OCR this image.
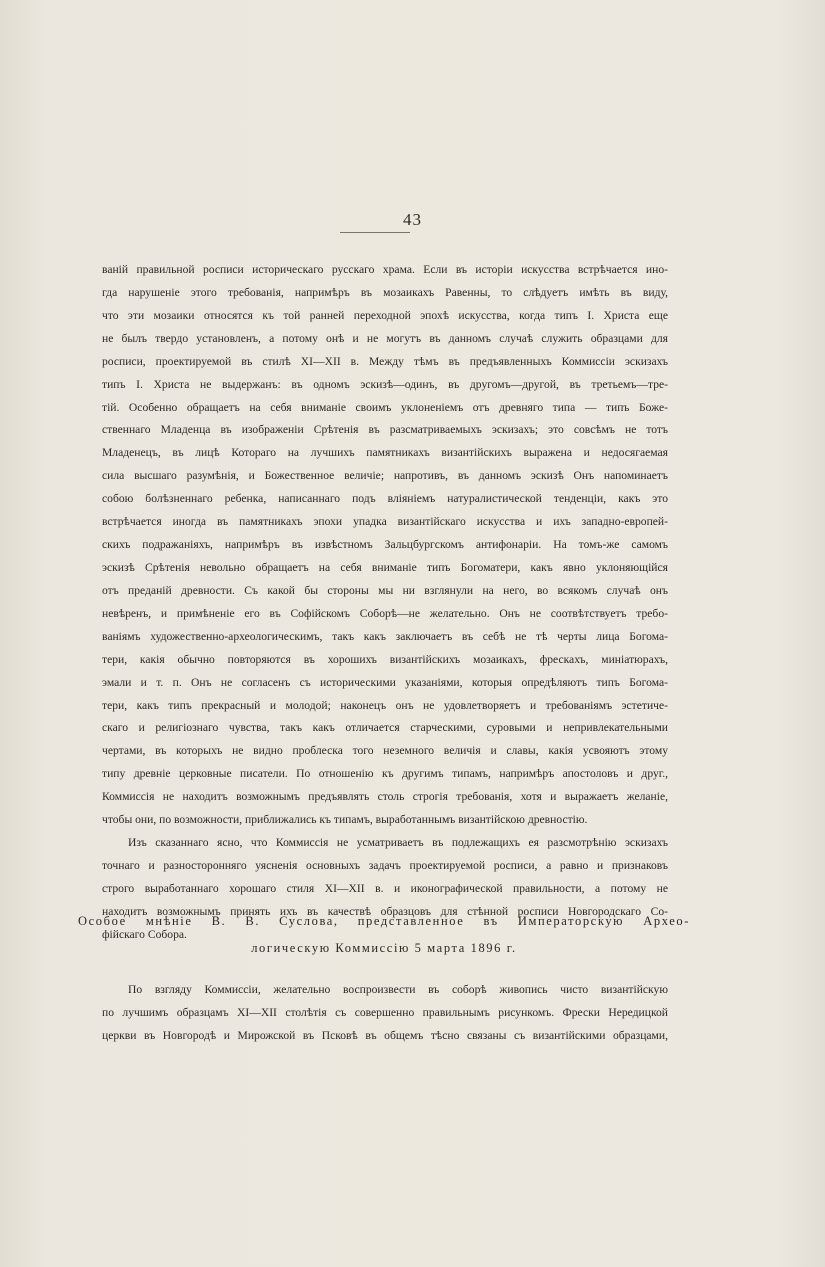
43
ваній правильной росписи историческаго русскаго храма. Если въ исторіи искусства встрѣчается ино-
гда нарушеніе этого требованія, напримѣръ въ мозаикахъ Равенны, то слѣдуетъ имѣть въ виду,
что эти мозаики относятся къ той ранней переходной эпохѣ искусства, когда типъ І. Христа еще
не былъ твердо установленъ, а потому онѣ и не могутъ въ данномъ случаѣ служить образцами для
росписи, проектируемой въ стилѣ ХI—ХII в. Между тѣмъ въ предъявленныхъ Коммиссіи эскизахъ
типъ І. Христа не выдержанъ: въ одномъ эскизѣ—одинъ, въ другомъ—другой, въ третьемъ—тре-
тій. Особенно обращаетъ на себя вниманіе своимъ уклоненіемъ отъ древняго типа — типъ Боже-
ственнаго Младенца въ изображеніи Срѣтенія въ разсматриваемыхъ эскизахъ; это совсѣмъ не тотъ
Младенецъ, въ лицѣ Котораго на лучшихъ памятникахъ византійскихъ выражена и недосягаемая
сила высшаго разумѣнія, и Божественное величіе; напротивъ, въ данномъ эскизѣ Онъ напоминаетъ
собою болѣзненнаго ребенка, написаннаго подъ вліяніемъ натуралистической тенденціи, какъ это
встрѣчается иногда въ памятникахъ эпохи упадка византійскаго искусства и ихъ западно-европей-
скихъ подражаніяхъ, напримѣръ въ извѣстномъ Зальцбургскомъ антифонаріи. На томъ-же самомъ
эскизѣ Срѣтенія невольно обращаетъ на себя вниманіе типъ Богоматери, какъ явно уклоняющійся
отъ преданій древности. Съ какой бы стороны мы ни взглянули на него, во всякомъ случаѣ онъ
невѣренъ, и примѣненіе его въ Софійскомъ Соборѣ—не желательно. Онъ не соотвѣтствуетъ требо-
ваніямъ художественно-археологическимъ, такъ какъ заключаетъ въ себѣ не тѣ черты лица Богома-
тери, какія обычно повторяются въ хорошихъ византійскихъ мозаикахъ, фрескахъ, миніатюрахъ,
эмали и т. п. Онъ не согласенъ съ историческими указаніями, которыя опредѣляютъ типъ Богома-
тери, какъ типъ прекрасный и молодой; наконецъ онъ не удовлетворяетъ и требованіямъ эстетиче-
скаго и религіознаго чувства, такъ какъ отличается старческими, суровыми и непривлекательными
чертами, въ которыхъ не видно проблеска того неземного величія и славы, какія усвояютъ этому
типу древніе церковные писатели. По отношенію къ другимъ типамъ, напримѣръ апостоловъ и друг.,
Коммиссія не находитъ возможнымъ предъявлять столь строгія требованія, хотя и выражаетъ желаніе,
чтобы они, по возможности, приближались къ типамъ, выработаннымъ византійскою древностію.
Изъ сказаннаго ясно, что Коммиссія не усматриваетъ въ подлежащихъ ея разсмотрѣнію эскизахъ
точнаго и разносторонняго уясненія основныхъ задачъ проектируемой росписи, а равно и признаковъ
строго выработаннаго хорошаго стиля ХI—ХII в. и иконографической правильности, а потому не
находитъ возможнымъ принять ихъ въ качествѣ образцовъ для стѣнной росписи Новгородскаго Со-
фійскаго Собора.
Особое мнѣніе В. В. Суслова, представленное въ Императорскую Архео-
логическую Коммиссію 5 марта 1896 г.
По взгляду Коммиссіи, желательно воспроизвести въ соборѣ живопись чисто византійскую
по лучшимъ образцамъ ХI—ХII столѣтія съ совершенно правильнымъ рисункомъ. Фрески Нередицкой
церкви въ Новгородѣ и Мирожской въ Псковѣ въ общемъ тѣсно связаны съ византійскими образцами,
